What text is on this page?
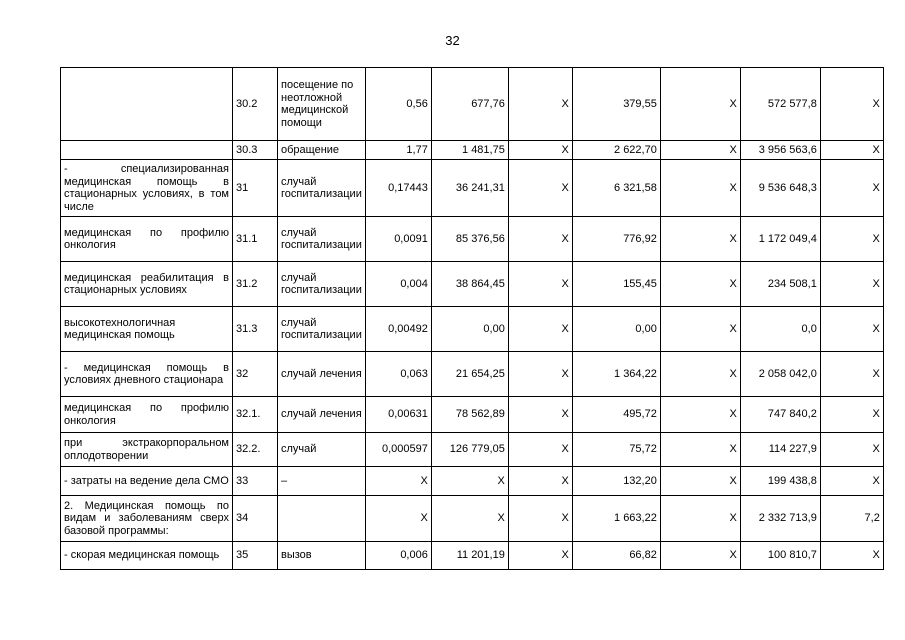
32
	30.2	посещение по неотложной медицинской помощи	0,56	677,76	X	379,55	X	572 577,8	X
	30.3	обращение	1,77	1 481,75	X	2 622,70	X	3 956 563,6	X
- специализированная медицинская помощь в стационарных условиях, в том числе	31	случай госпитализации	0,17443	36 241,31	X	6 321,58	X	9 536 648,3	X
медицинская по профилю онкология	31.1	случай госпитализации	0,0091	85 376,56	X	776,92	X	1 172 049,4	X
медицинская реабилитация в стационарных условиях	31.2	случай госпитализации	0,004	38 864,45	X	155,45	X	234 508,1	X
высокотехнологичная медицинская помощь	31.3	случай госпитализации	0,00492	0,00	X	0,00	X	0,0	X
- медицинская помощь в условиях дневного стационара	32	случай лечения	0,063	21 654,25	X	1 364,22	X	2 058 042,0	X
медицинская по профилю онкология	32.1.	случай лечения	0,00631	78 562,89	X	495,72	X	747 840,2	X
при экстракорпоральном оплодотворении	32.2.	случай	0,000597	126 779,05	X	75,72	X	114 227,9	X
- затраты на ведение дела СМО	33	–	X	X	X	132,20	X	199 438,8	X
2. Медицинская помощь по видам и заболеваниям сверх базовой программы:	34		X	X	X	1 663,22	X	2 332 713,9	7,2
- скорая медицинская помощь	35	вызов	0,006	11 201,19	X	66,82	X	100 810,7	X
